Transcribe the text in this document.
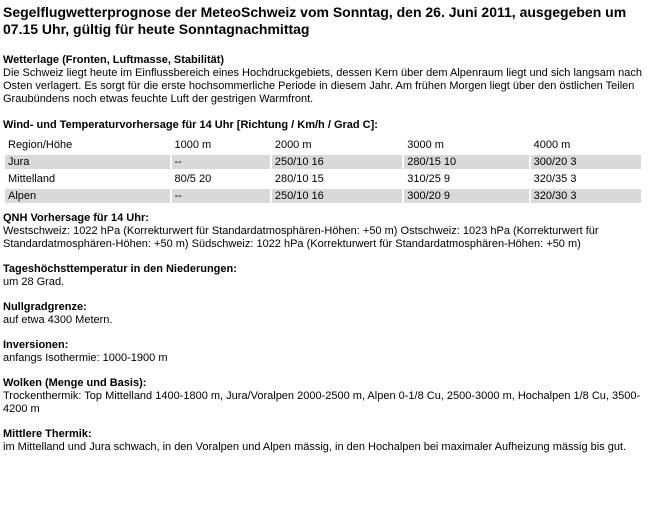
Segelflugwetterprognose der MeteoSchweiz vom Sonntag, den 26. Juni 2011, ausgegeben um 07.15 Uhr, gültig für heute Sonntagnachmittag
Wetterlage (Fronten, Luftmasse, Stabilität)
Die Schweiz liegt heute im Einflussbereich eines Hochdruckgebiets, dessen Kern über dem Alpenraum liegt und sich langsam nach Osten verlagert. Es sorgt für die erste hochsommerliche Periode in diesem Jahr. Am frühen Morgen liegt über den östlichen Teilen Graubündens noch etwas feuchte Luft der gestrigen Warmfront.
Wind- und Temperaturvorhersage für 14 Uhr [Richtung / Km/h / Grad C]:
Region/Höhe	1000 m	2000 m	3000 m	4000 m
Jura	--	250/10 16	280/15 10	300/20 3
Mittelland	80/5 20	280/10 15	310/25 9	320/35 3
Alpen	--	250/10 16	300/20 9	320/30 3
QNH Vorhersage für 14 Uhr:
Westschweiz: 1022 hPa (Korrekturwert für Standardatmosphären-Höhen: +50 m) Ostschweiz: 1023 hPa (Korrekturwert für Standardatmosphären-Höhen: +50 m) Südschweiz: 1022 hPa (Korrekturwert für Standardatmosphären-Höhen: +50 m)
Tageshöchsttemperatur in den Niederungen:
um 28 Grad.
Nullgradgrenze:
auf etwa 4300 Metern.
Inversionen:
anfangs Isothermie: 1000-1900 m
Wolken (Menge und Basis):
Trockenthermik: Top Mittelland 1400-1800 m, Jura/Voralpen 2000-2500 m, Alpen 0-1/8 Cu, 2500-3000 m, Hochalpen 1/8 Cu, 3500-4200 m
Mittlere Thermik:
im Mittelland und Jura schwach, in den Voralpen und Alpen mässig, in den Hochalpen bei maximaler Aufheizung mässig bis gut.
